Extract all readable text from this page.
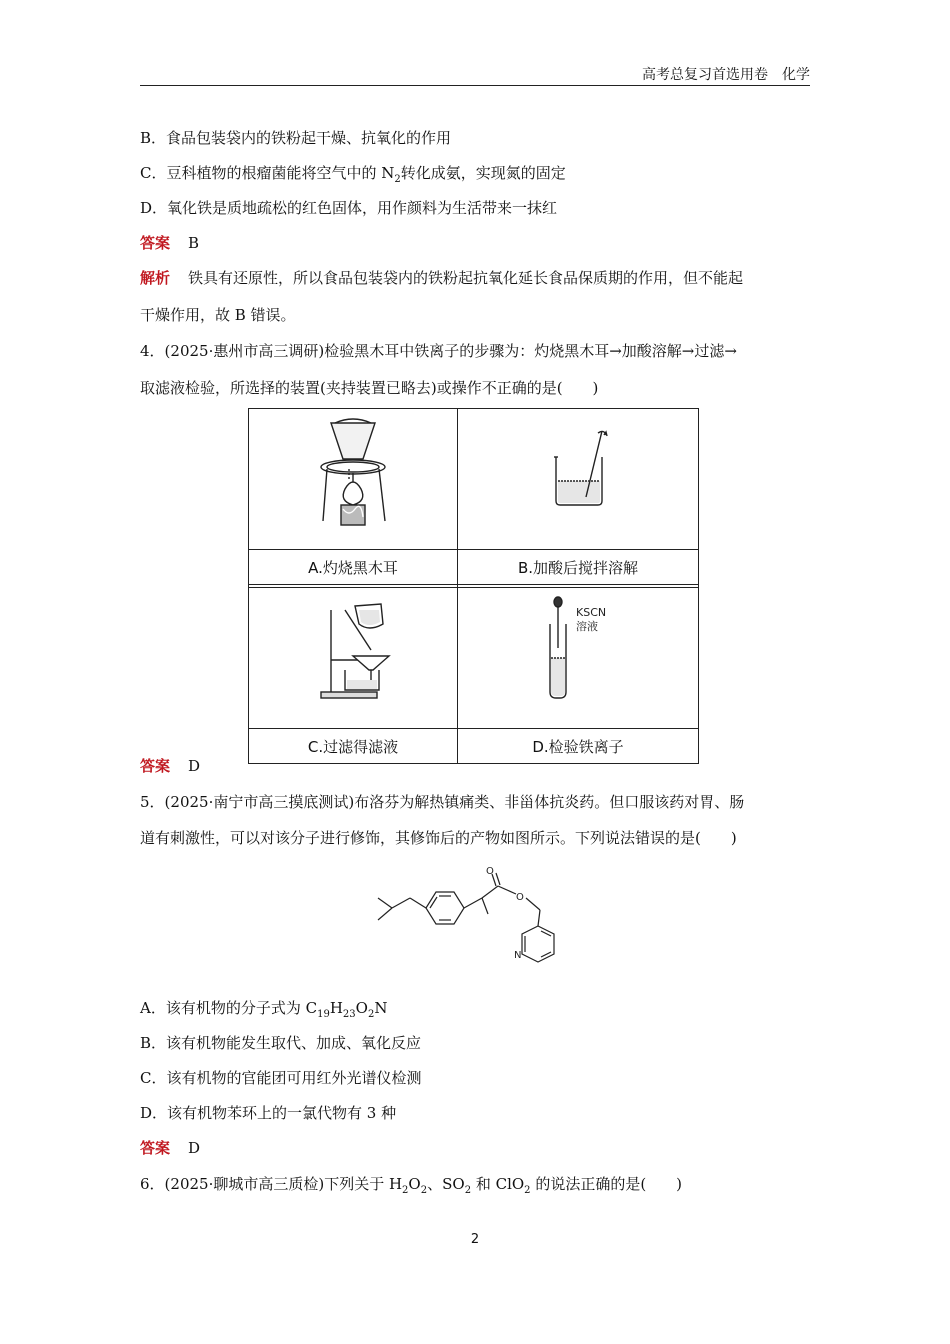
高考总复习首选用卷　化学
B．食品包装袋内的铁粉起干燥、抗氧化的作用
C．豆科植物的根瘤菌能将空气中的 $N_2$转化成氨，实现氮的固定
D．氧化铁是质地疏松的红色固体，用作颜料为生活带来一抹红
答案 B
解析 铁具有还原性，所以食品包装袋内的铁粉起抗氧化延长食品保质期的作用，但不能起
干燥作用，故 B 错误。
4．(2025·惠州市高三调研)检验黑木耳中铁离子的步骤为：灼烧黑木耳→加酸溶解→过滤→
取滤液检验，所选择的装置(夹持装置已略去)或操作不正确的是(　　)

A.灼烧黑木耳	B.加酸后搅拌溶解

KSCN
溶液

C.过滤得滤液	D.检验铁离子
答案 D
5．(2025·南宁市高三摸底测试)布洛芬为解热镇痛类、非甾体抗炎药。但口服该药对胃、肠
道有刺激性，可以对该分子进行修饰，其修饰后的产物如图所示。下列说法错误的是(　　)
O
O
N
A．该有机物的分子式为 $C_{19}H_{23}O_2N$
B．该有机物能发生取代、加成、氧化反应
C．该有机物的官能团可用红外光谱仪检测
D．该有机物苯环上的一氯代物有 3 种
答案 D
6．(2025·聊城市高三质检)下列关于 $H_2O_2$、$SO_2$ 和 ClO$_2$ 的说法正确的是(　　)
2
